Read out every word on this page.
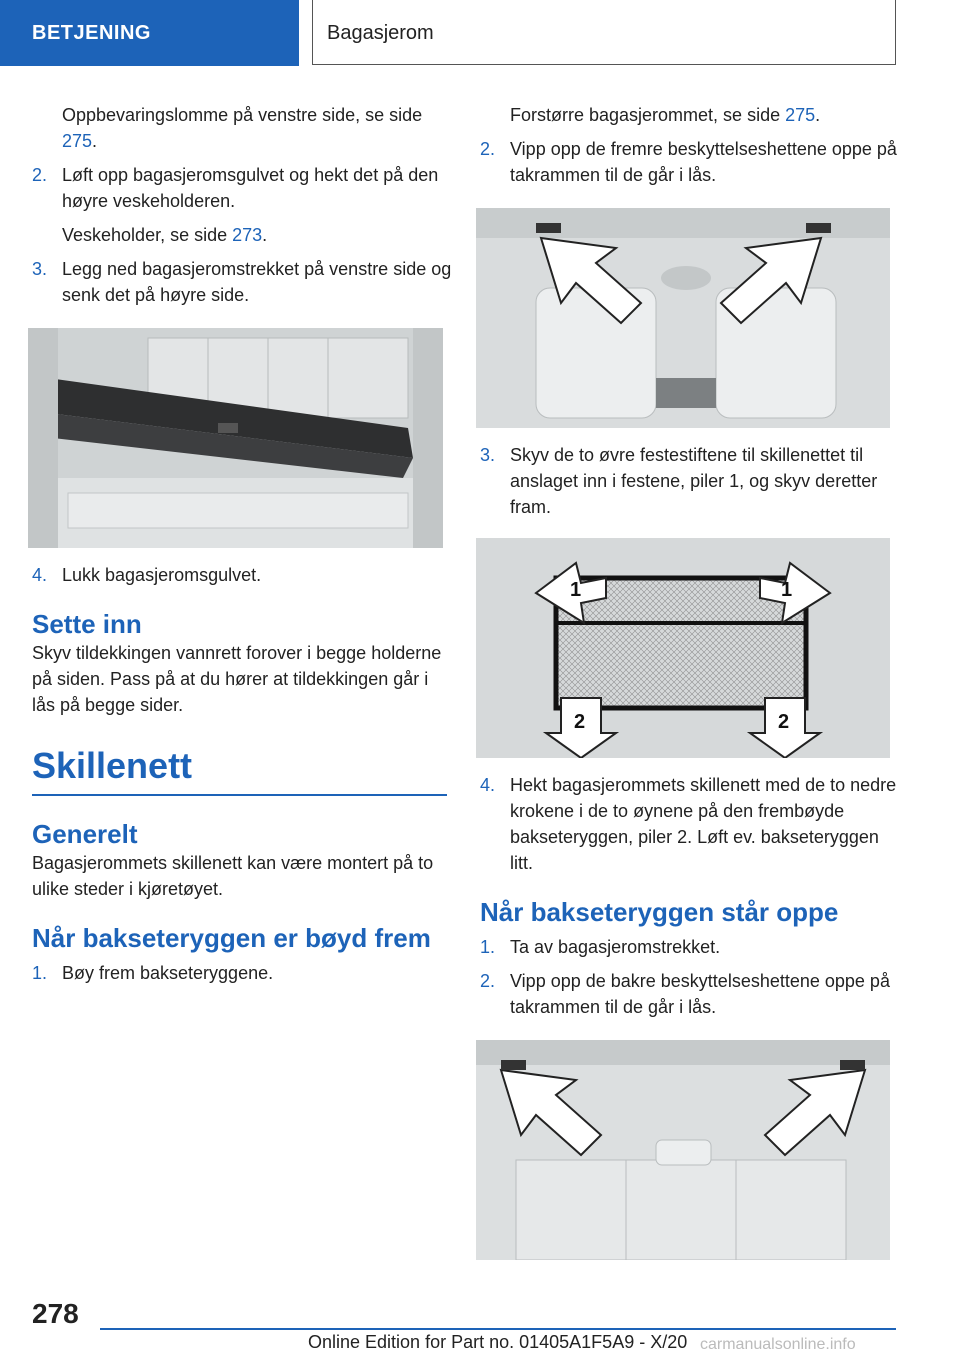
BETJENING	Bagasjerom

Oppbevaringslomme på venstre side, se side 275.

2. Løft opp bagasjeromsgulvet og hekt det på den høyre veskeholderen.

Veskeholder, se side 273.

3. Legg ned bagasjeromstrekket på venstre side og senk det på høyre side.

4. Lukk bagasjeromsgulvet.

Sette inn

Skyv tildekkingen vannrett forover i begge holderne på siden. Pass på at du hører at tildekkingen går i lås på begge sider.

Skillenett
Generelt

Bagasjerommets skillenett kan være montert på to ulike steder i kjøretøyet.

Når bakseteryggen er bøyd frem
1. Bøy frem bakseteryggene.

Forstørre bagasjerommet, se side 275.

2. Vipp opp de fremre beskyttelseshettene oppe på takrammen til de går i lås.

3. Skyv de to øvre festestiftene til skillenettet til anslaget inn i festene, piler 1, og skyv deretter fram.

1	1
2	2
4. Hekt bagasjerommets skillenett med de to nedre krokene i de to øynene på den frembøyde bakseteryggen, piler 2. Løft ev. bakseteryggen litt.

Når bakseteryggen står oppe
1. Ta av bagasjeromstrekket.

2. Vipp opp de bakre beskyttelseshettene oppe på takrammen til de går i lås.

278
Online Edition for Part no. 01405A1F5A9 - X/20 carmanualsonline.info
